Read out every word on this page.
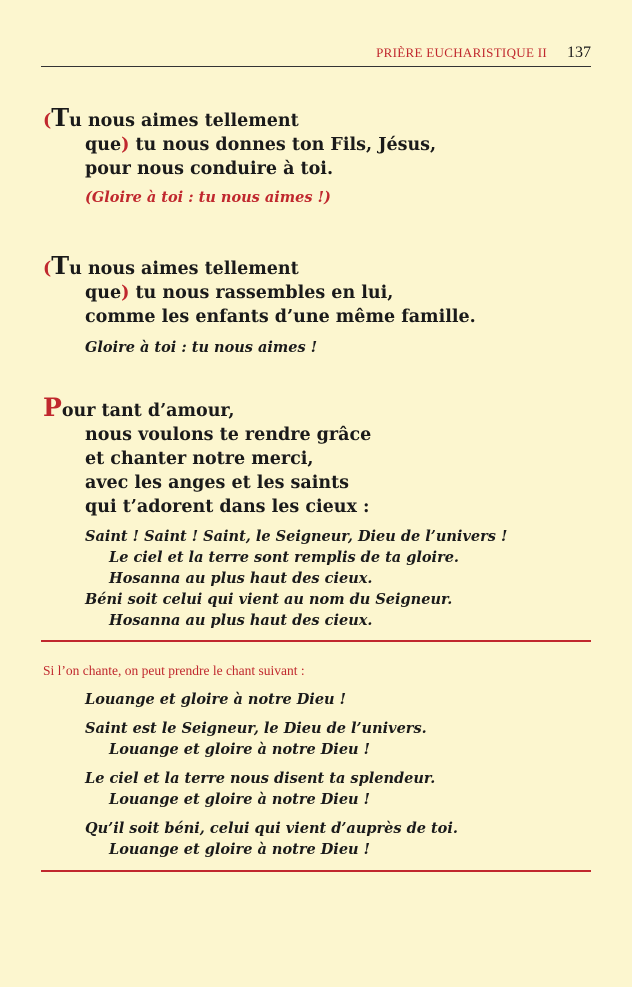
PRIÈRE EUCHARISTIQUE II 137
(Tu nous aimes tellement
que) tu nous donnes ton Fils, Jésus,
pour nous conduire à toi.
(Gloire à toi : tu nous aimes !)
(Tu nous aimes tellement
que) tu nous rassembles en lui,
comme les enfants d’une même famille.
Gloire à toi : tu nous aimes !
Pour tant d’amour,
nous voulons te rendre grâce
et chanter notre merci,
avec les anges et les saints
qui t’adorent dans les cieux :
Saint ! Saint ! Saint, le Seigneur, Dieu de l’univers !
Le ciel et la terre sont remplis de ta gloire.
Hosanna au plus haut des cieux.
Béni soit celui qui vient au nom du Seigneur.
Hosanna au plus haut des cieux.
Si l’on chante, on peut prendre le chant suivant :
Louange et gloire à notre Dieu !
Saint est le Seigneur, le Dieu de l’univers.
Louange et gloire à notre Dieu !
Le ciel et la terre nous disent ta splendeur.
Louange et gloire à notre Dieu !
Qu’il soit béni, celui qui vient d’auprès de toi.
Louange et gloire à notre Dieu !
